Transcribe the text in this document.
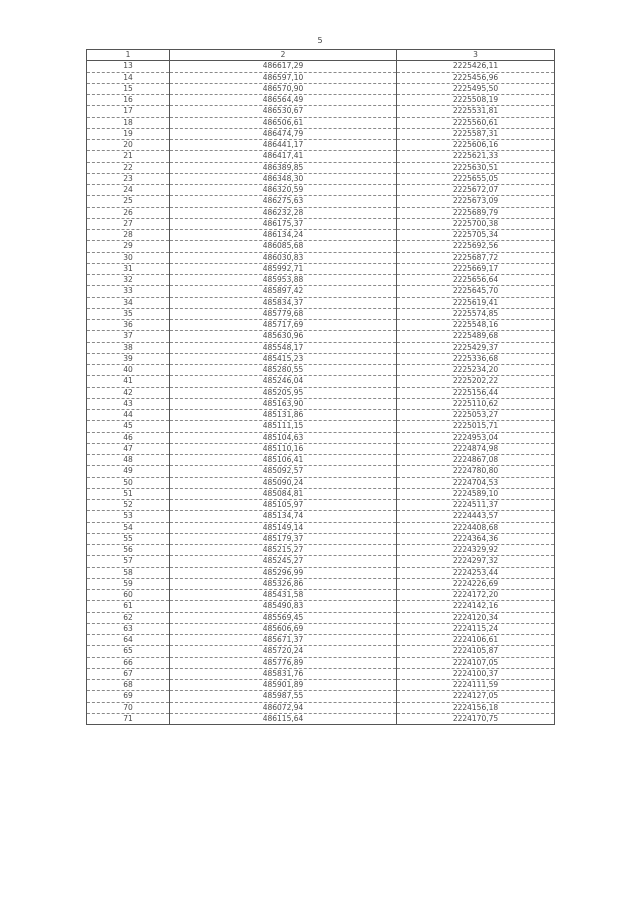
5
1	2	3
13	486617,29	2225426,11
14	486597,10	2225456,96
15	486570,90	2225495,50
16	486564,49	2225508,19
17	486530,67	2225531,81
18	486506,61	2225560,61
19	486474,79	2225587,31
20	486441,17	2225606,16
21	486417,41	2225621,33
22	486389,85	2225630,51
23	486348,30	2225655,05
24	486320,59	2225672,07
25	486275,63	2225673,09
26	486232,28	2225689,79
27	486175,37	2225700,38
28	486134,24	2225705,34
29	486085,68	2225692,56
30	486030,83	2225687,72
31	485992,71	2225669,17
32	485953,88	2225656,64
33	485897,42	2225645,70
34	485834,37	2225619,41
35	485779,68	2225574,85
36	485717,69	2225548,16
37	485630,96	2225489,68
38	485548,17	2225429,37
39	485415,23	2225336,68
40	485280,55	2225234,20
41	485246,04	2225202,22
42	485205,95	2225156,44
43	485163,90	2225110,62
44	485131,86	2225053,27
45	485111,15	2225015,71
46	485104,63	2224953,04
47	485110,16	2224874,98
48	485106,41	2224867,08
49	485092,57	2224780,80
50	485090,24	2224704,53
51	485084,81	2224589,10
52	485105,97	2224511,37
53	485134,74	2224443,57
54	485149,14	2224408,68
55	485179,37	2224364,36
56	485215,27	2224329,92
57	485245,27	2224297,32
58	485296,99	2224253,44
59	485326,86	2224226,69
60	485431,58	2224172,20
61	485490,83	2224142,16
62	485569,45	2224120,34
63	485606,69	2224115,24
64	485671,37	2224106,61
65	485720,24	2224105,87
66	485776,89	2224107,05
67	485831,76	2224100,37
68	485901,89	2224111,59
69	485987,55	2224127,05
70	486072,94	2224156,18
71	486115,64	2224170,75
